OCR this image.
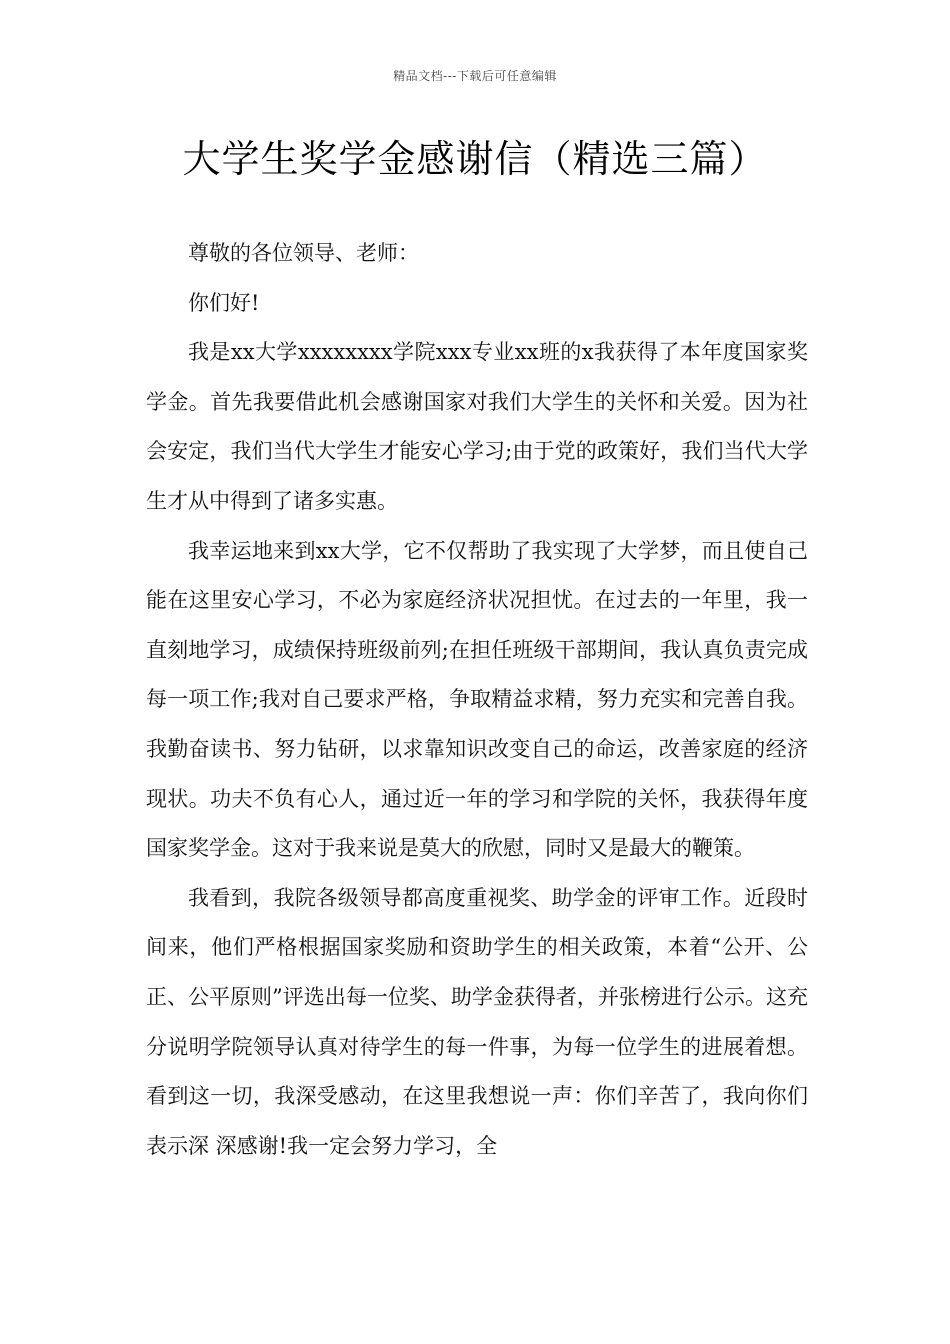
精品文档---下载后可任意编辑
大学生奖学金感谢信（精选三篇）

尊敬的各位领导、老师：

你们好!

我是xx大学xxxxxxxx学院xxx专业xx班的x我获得了本年度国家奖学金。首先我要借此机会感谢国家对我们大学生的关怀和关爱。因为社会安定，我们当代大学生才能安心学习;由于党的政策好，我们当代大学生才从中得到了诸多实惠。

我幸运地来到xx大学，它不仅帮助了我实现了大学梦，而且使自己能在这里安心学习，不必为家庭经济状况担忧。在过去的一年里，我一直刻地学习，成绩保持班级前列;在担任班级干部期间，我认真负责完成每一项工作;我对自己要求严格，争取精益求精，努力充实和完善自我。我勤奋读书、努力钻研，以求靠知识改变自己的命运，改善家庭的经济现状。功夫不负有心人，通过近一年的学习和学院的关怀，我获得年度国家奖学金。这对于我来说是莫大的欣慰，同时又是最大的鞭策。

我看到，我院各级领导都高度重视奖、助学金的评审工作。近段时间来，他们严格根据国家奖励和资助学生的相关政策，本着“公开、公正、公平原则”评选出每一位奖、助学金获得者，并张榜进行公示。这充分说明学院领导认真对待学生的每一件事，为每一位学生的进展着想。看到这一切，我深受感动，在这里我想说一声：你们辛苦了，我向你们表示深 深感谢!我一定会努力学习，全
